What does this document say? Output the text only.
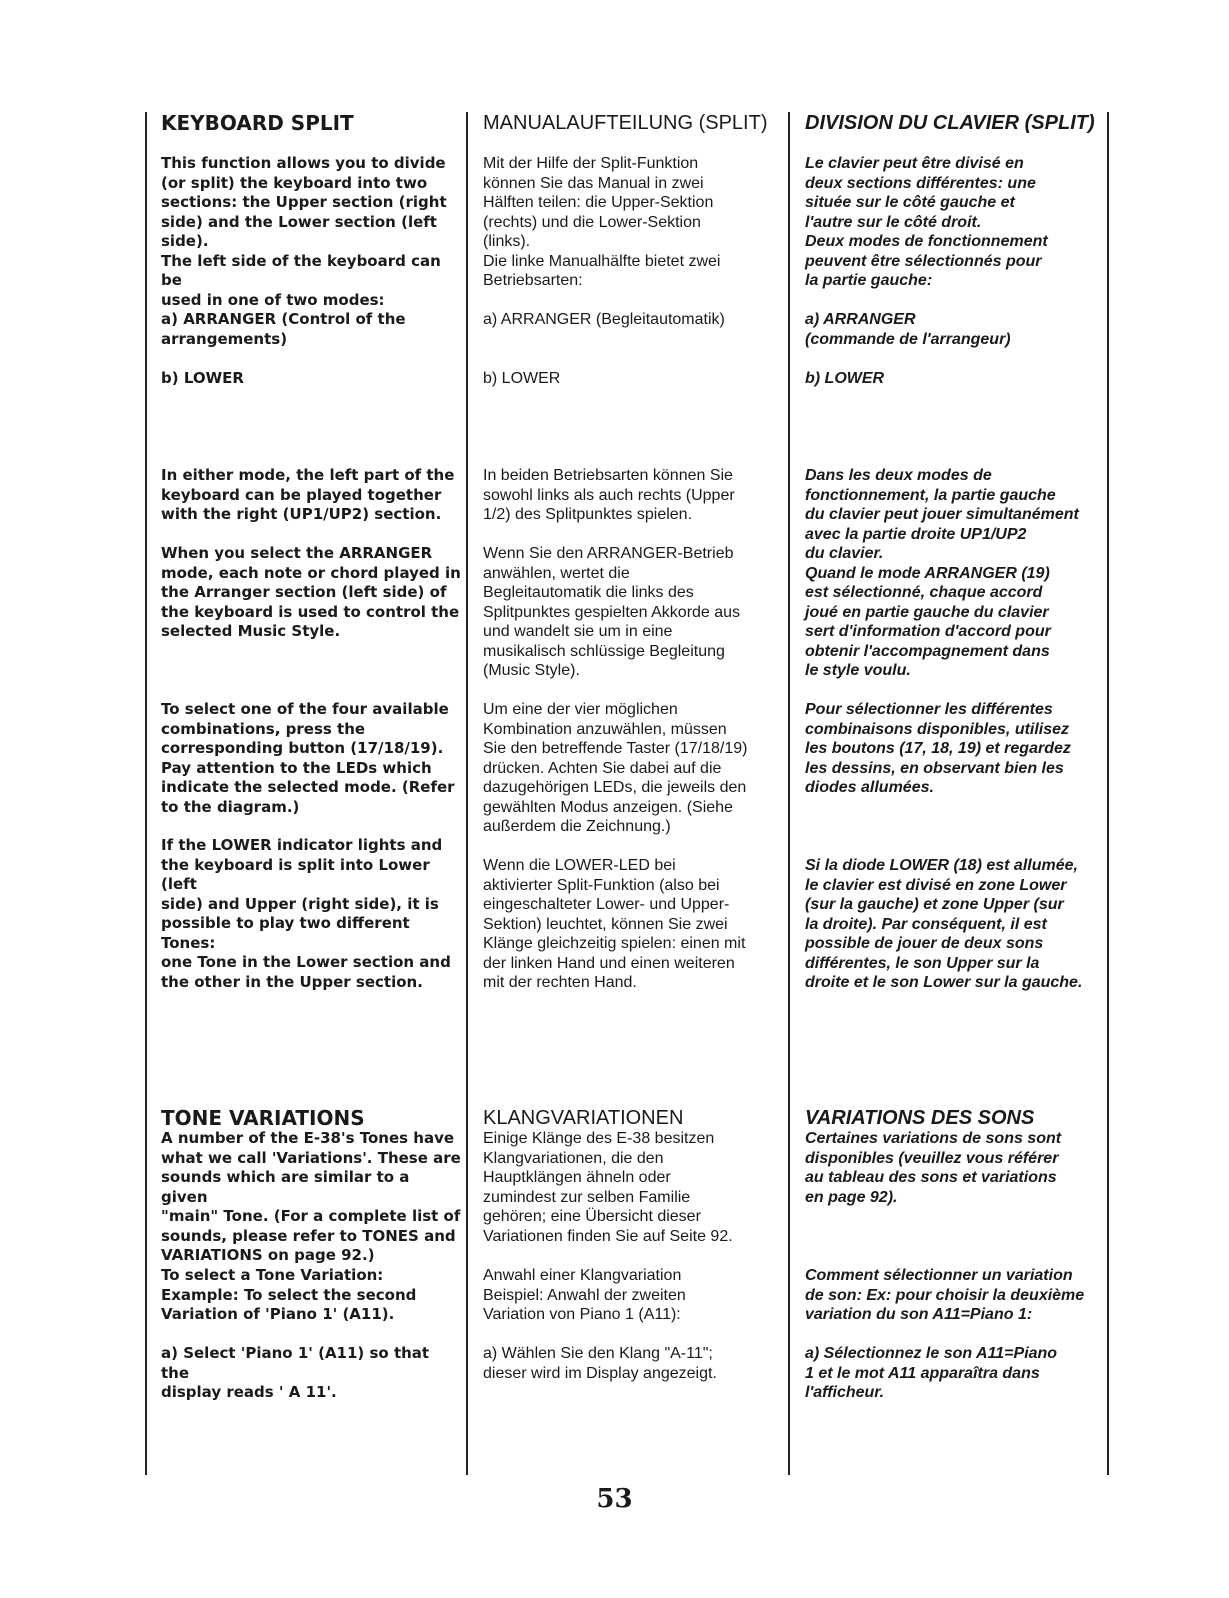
KEYBOARD SPLIT

This function allows you to divide
(or split) the keyboard into two
sections: the Upper section (right
side) and the Lower section (left
side).
The left side of the keyboard can be
used in one of two modes:

a) ARRANGER (Control of the
arrangements)

b) LOWER

In either mode, the left part of the
keyboard can be played together
with the right (UP1/UP2) section.

When you select the ARRANGER
mode, each note or chord played in
the Arranger section (left side) of
the keyboard is used to control the
selected Music Style.

To select one of the four available
combinations, press the
corresponding button (17/18/19).
Pay attention to the LEDs which
indicate the selected mode. (Refer
to the diagram.)

If the LOWER indicator lights and
the keyboard is split into Lower (left
side) and Upper (right side), it is
possible to play two different Tones:
one Tone in the Lower section and
the other in the Upper section.

TONE VARIATIONS

A number of the E-38's Tones have
what we call 'Variations'. These are
sounds which are similar to a given
"main" Tone. (For a complete list of
sounds, please refer to TONES and
VARIATIONS on page 92.)

To select a Tone Variation:
Example: To select the second
Variation of 'Piano 1' (A11).

a) Select 'Piano 1' (A11) so that the
display reads ' A 11'.

MANUALAUFTEILUNG (SPLIT)

Mit der Hilfe der Split-Funktion
können Sie das Manual in zwei
Hälften teilen: die Upper-Sektion
(rechts) und die Lower-Sektion
(links).
Die linke Manualhälfte bietet zwei
Betriebsarten:

a) ARRANGER (Begleitautomatik)

b) LOWER

In beiden Betriebsarten können Sie
sowohl links als auch rechts (Upper
1/2) des Splitpunktes spielen.

Wenn Sie den ARRANGER-Betrieb
anwählen, wertet die
Begleitautomatik die links des
Splitpunktes gespielten Akkorde aus
und wandelt sie um in eine
musikalisch schlüssige Begleitung
(Music Style).

Um eine der vier möglichen
Kombination anzuwählen, müssen
Sie den betreffende Taster (17/18/19)
drücken. Achten Sie dabei auf die
dazugehörigen LEDs, die jeweils den
gewählten Modus anzeigen. (Siehe
außerdem die Zeichnung.)

Wenn die LOWER-LED bei
aktivierter Split-Funktion (also bei
eingeschalteter Lower- und Upper-
Sektion) leuchtet, können Sie zwei
Klänge gleichzeitig spielen: einen mit
der linken Hand und einen weiteren
mit der rechten Hand.

KLANGVARIATIONEN

Einige Klänge des E-38 besitzen
Klangvariationen, die den
Hauptklängen ähneln oder
zumindest zur selben Familie
gehören; eine Übersicht dieser
Variationen finden Sie auf Seite 92.

Anwahl einer Klangvariation
Beispiel: Anwahl der zweiten
Variation von Piano 1 (A11):

a) Wählen Sie den Klang "A-11";
dieser wird im Display angezeigt.

DIVISION DU CLAVIER (SPLIT)

Le clavier peut être divisé en
deux sections différentes: une
située sur le côté gauche et
l'autre sur le côté droit.
Deux modes de fonctionnement
peuvent être sélectionnés pour
la partie gauche:

a) ARRANGER
(commande de l'arrangeur)

b) LOWER

Dans les deux modes de
fonctionnement, la partie gauche
du clavier peut jouer simultanément
avec la partie droite UP1/UP2
du clavier.
Quand le mode ARRANGER (19)
est sélectionné, chaque accord
joué en partie gauche du clavier
sert d'information d'accord pour
obtenir l'accompagnement dans
le style voulu.

Pour sélectionner les différentes
combinaisons disponibles, utilisez
les boutons (17, 18, 19) et regardez
les dessins, en observant bien les
diodes allumées.

Si la diode LOWER (18) est allumée,
le clavier est divisé en zone Lower
(sur la gauche) et zone Upper (sur
la droite). Par conséquent, il est
possible de jouer de deux sons
différentes, le son Upper sur la
droite et le son Lower sur la gauche.

VARIATIONS DES SONS

Certaines variations de sons sont
disponibles (veuillez vous référer
au tableau des sons et variations
en page 92).

Comment sélectionner un variation
de son: Ex: pour choisir la deuxième
variation du son A11=Piano 1:

a) Sélectionnez le son A11=Piano
1 et le mot A11 apparaîtra dans
l'afficheur.

53
